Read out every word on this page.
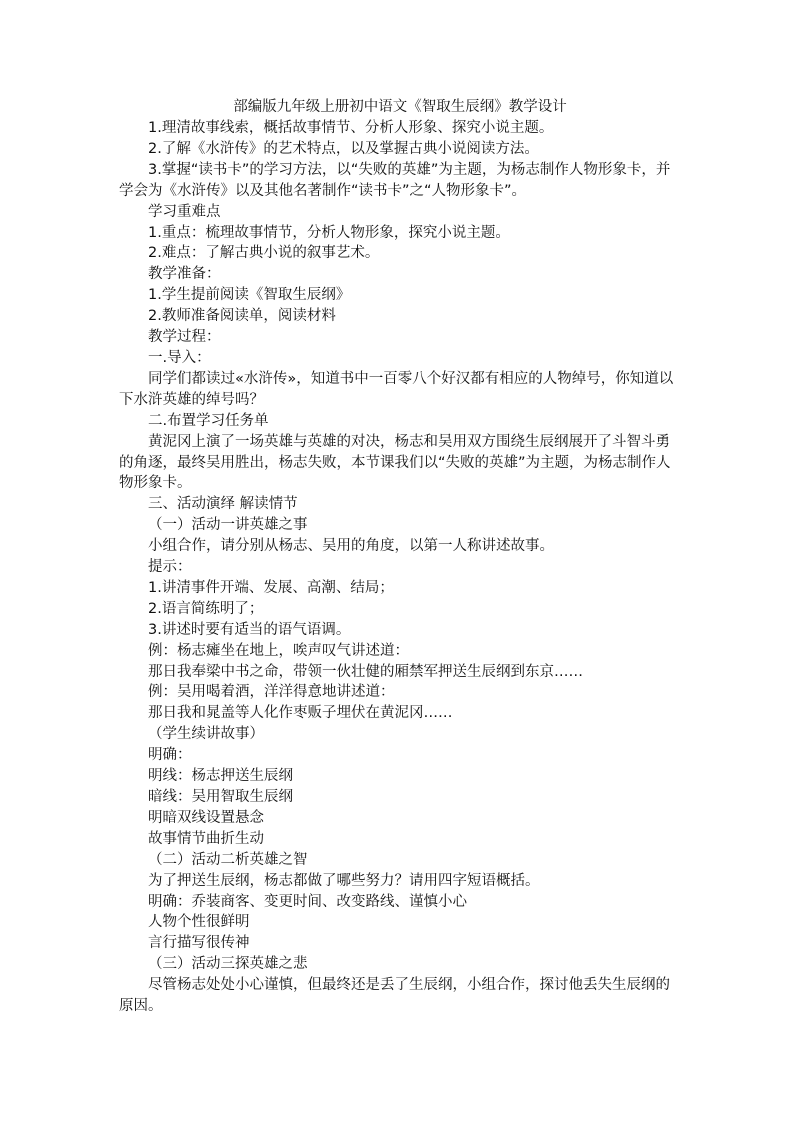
部编版九年级上册初中语文《智取生辰纲》教学设计

1.理清故事线索，概括故事情节、分析人形象、探究小说主题。

2.了解《水浒传》的艺术特点，以及掌握古典小说阅读方法。

3.掌握“读书卡”的学习方法，以“失败的英雄”为主题，为杨志制作人物形象卡，并学会为《水浒传》以及其他名著制作“读书卡”之“人物形象卡”。

学习重难点

1.重点：梳理故事情节，分析人物形象，探究小说主题。

2.难点：了解古典小说的叙事艺术。

教学准备：

1.学生提前阅读《智取生辰纲》

2.教师准备阅读单，阅读材料

教学过程：

一.导入：

同学们都读过«水浒传»，知道书中一百零八个好汉都有相应的人物绰号，你知道以下水浒英雄的绰号吗？

二.布置学习任务单

黄泥冈上演了一场英雄与英雄的对决，杨志和吴用双方围绕生辰纲展开了斗智斗勇的角逐，最终吴用胜出，杨志失败，本节课我们以“失败的英雄”为主题，为杨志制作人物形象卡。

三、活动演绎 解读情节

（一）活动一讲英雄之事

小组合作，请分别从杨志、吴用的角度，以第一人称讲述故事。

提示：

1.讲清事件开端、发展、高潮、结局；

2.语言简练明了；

3.讲述时要有适当的语气语调。

例：杨志瘫坐在地上，唉声叹气讲述道：

那日我奉梁中书之命，带领一伙壮健的厢禁军押送生辰纲到东京……

例：吴用喝着酒，洋洋得意地讲述道：

那日我和晁盖等人化作枣贩子埋伏在黄泥冈……

（学生续讲故事）

明确：

明线：杨志押送生辰纲

暗线：吴用智取生辰纲

明暗双线设置悬念

故事情节曲折生动

（二）活动二析英雄之智

为了押送生辰纲，杨志都做了哪些努力？请用四字短语概括。

明确：乔装商客、变更时间、改变路线、谨慎小心

人物个性很鲜明

言行描写很传神

（三）活动三探英雄之悲

尽管杨志处处小心谨慎，但最终还是丢了生辰纲，小组合作，探讨他丢失生辰纲的原因。
